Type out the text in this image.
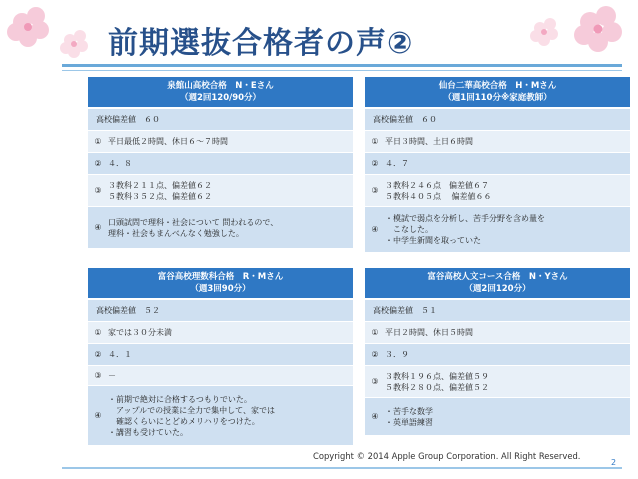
前期選抜合格者の声②
泉館山高校合格　N・Eさん
（週2回120/90分）
高校偏差値　６０
① 平日最低２時間、休日６～７時間
② ４．８
③
３教科２１１点、偏差値６２
５教科３５２点、偏差値６２
④
口頭試問で理科・社会について 問われるので、
理科・社会もまんべんなく勉強した。
仙台二華高校合格　H・Mさん
（週1回110分※家庭教師）
高校偏差値　６０
① 平日３時間、土日６時間
② ４．７
③
３教科２４６点　偏差値６７
５教科４０５点　 偏差値６６
④
・模試で弱点を分析し、苦手分野を含め量を
　こなした。
・中学生新聞を取っていた
富谷高校理数科合格　R・Mさん
（週3回90分）
高校偏差値　５２
① 家では３０分未満
② ４．１
③ －
④
・前期で絶対に合格するつもりでいた。
　アップルでの授業に全力で集中して、家では
　確認くらいにとどめメリハリをつけた。
・講習も受けていた。
富谷高校人文コース合格　N・Yさん
（週2回120分）
高校偏差値　５１
① 平日２時間、休日５時間
② ３．９
③
３教科１９６点、偏差値５９
５教科２８０点、偏差値５２
④
・苦手な数学
・英単語練習
Copyright © 2014 Apple Group Corporation. All Right Reserved.
2
